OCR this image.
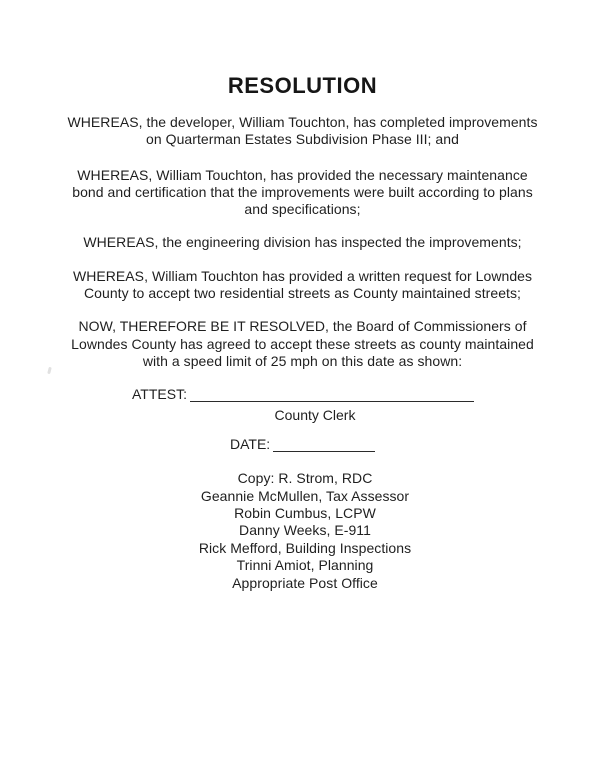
RESOLUTION
WHEREAS, the developer, William Touchton, has completed improvements
on Quarterman Estates Subdivision Phase III; and
WHEREAS, William Touchton, has provided the necessary maintenance
bond and certification that the improvements were built according to plans
and specifications;
WHEREAS, the engineering division has inspected the improvements;
WHEREAS, William Touchton has provided a written request for Lowndes
County to accept two residential streets as County maintained streets;
NOW, THEREFORE BE IT RESOLVED, the Board of Commissioners of
Lowndes County has agreed to accept these streets as county maintained
with a speed limit of 25 mph on this date as shown:
ATTEST:
County Clerk
DATE:
Copy: R. Strom, RDC
Geannie McMullen, Tax Assessor
Robin Cumbus, LCPW
Danny Weeks, E-911
Rick Mefford, Building Inspections
Trinni Amiot, Planning
Appropriate Post Office
